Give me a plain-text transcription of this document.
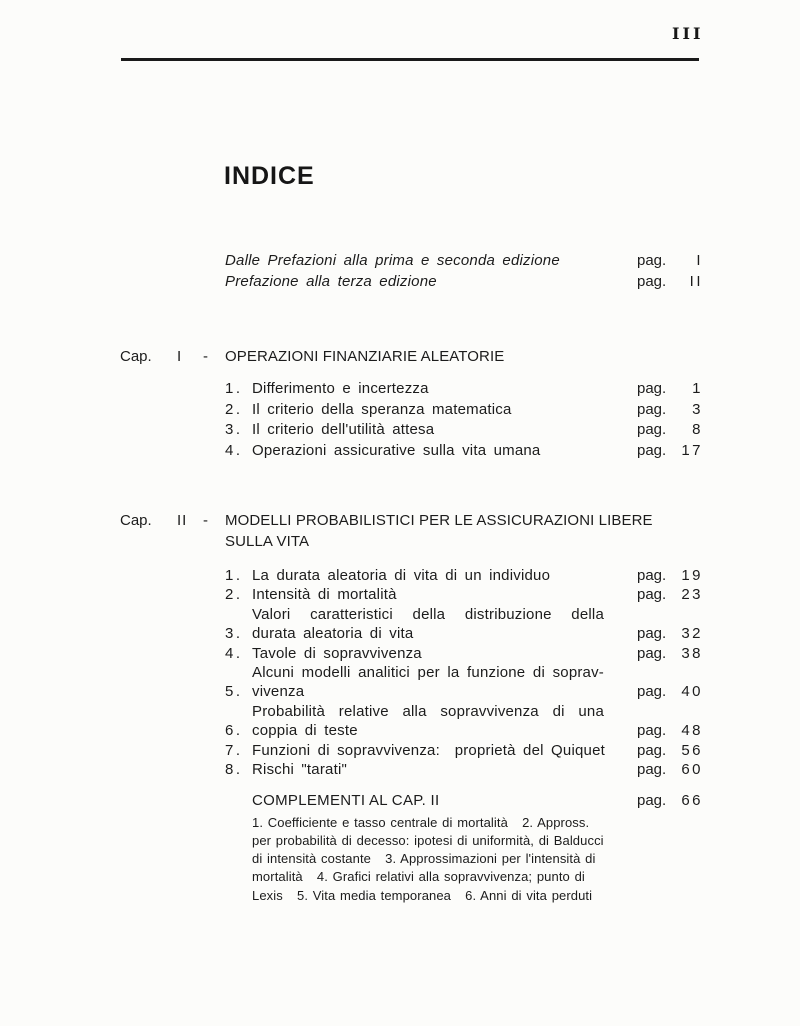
III
INDICE
Dalle Prefazioni alla prima e seconda edizione	pag.	I
Prefazione alla terza edizione	pag.	II
Cap.	I	-	OPERAZIONI FINANZIARIE ALEATORIE
1. Differimento e incertezza	pag.	1
2. Il criterio della speranza matematica	pag.	3
3. Il criterio dell'utilità attesa	pag.	8
4. Operazioni assicurative sulla vita umana	pag.	17
Cap.	II	-	MODELLI PROBABILISTICI PER LE ASSICURAZIONI LIBERE
SULLA VITA
1. La durata aleatoria di vita di un individuo	pag.	19
2. Intensità di mortalità	pag.	23
3.
Valori caratteristici della distribuzione della
durata aleatoria di vita	pag.	32
4. Tavole di sopravvivenza	pag.	38
5.
Alcuni modelli analitici per la funzione di soprav-
vivenza	pag.	40
6.
Probabilità relative alla sopravvivenza di una
coppia di teste	pag.	48
7. Funzioni di sopravvivenza:  proprietà del Quiquet pag.	56
8. Rischi "tarati"	pag.	60
COMPLEMENTI AL CAP. II	pag.	66
1. Coefficiente e tasso centrale di mortalità   2. Appross.
per probabilità di decesso: ipotesi di uniformità, di Balducci
di intensità costante   3. Approssimazioni per l'intensità di
mortalità   4. Grafici relativi alla sopravvivenza; punto di
Lexis   5. Vita media temporanea   6. Anni di vita perduti
